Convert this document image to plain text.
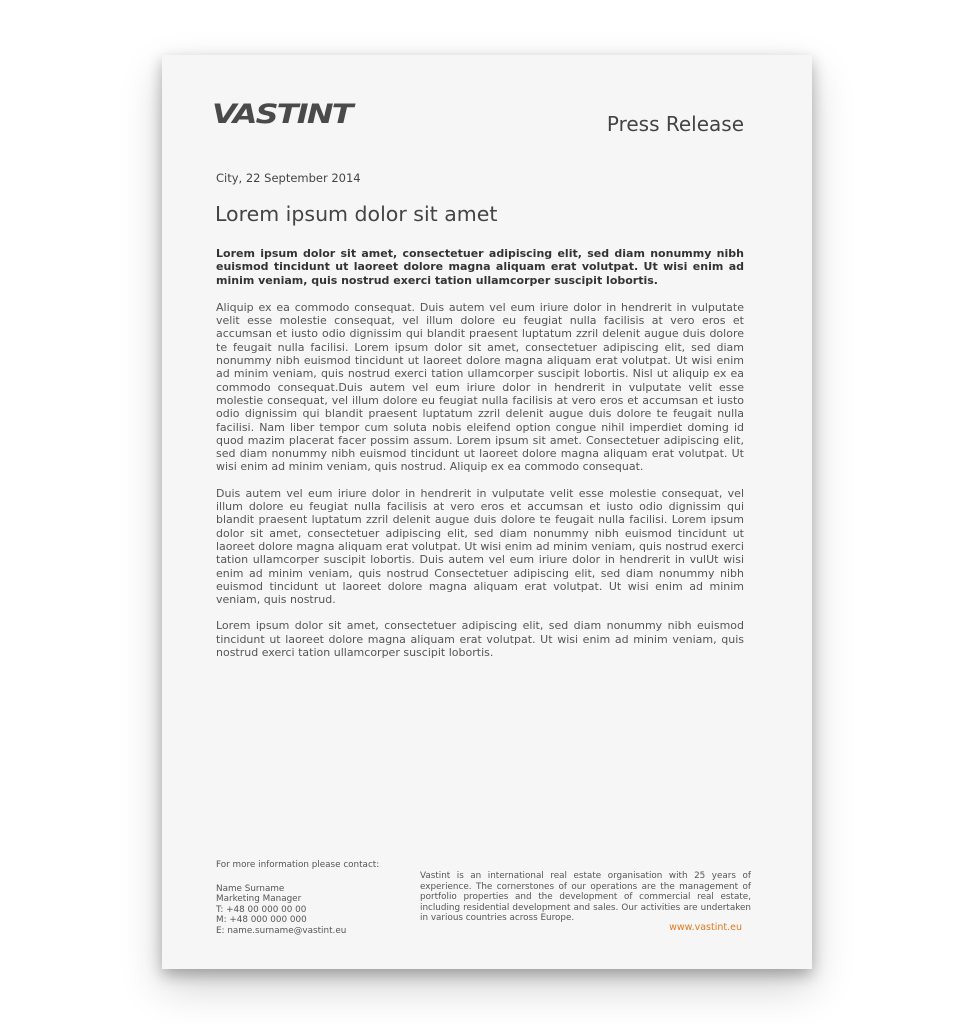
VASTINT	Press Release
City, 22 September 2014
Lorem ipsum dolor sit amet

Lorem ipsum dolor sit amet, consectetuer adipiscing elit, sed diam nonummy nibh euismod tincidunt ut laoreet dolore magna aliquam erat volutpat. Ut wisi enim ad minim veniam, quis nostrud exerci tation ullamcorper suscipit lobortis.

Aliquip ex ea commodo consequat. Duis autem vel eum iriure dolor in hendrerit in vulputate velit esse molestie consequat, vel illum dolore eu feugiat nulla facilisis at vero eros et accumsan et iusto odio dignissim qui blandit praesent luptatum zzril delenit augue duis dolore te feugait nulla facilisi. Lorem ipsum dolor sit amet, consectetuer adipiscing elit, sed diam nonummy nibh euismod tincidunt ut laoreet dolore magna aliquam erat volutpat. Ut wisi enim ad minim veniam, quis nostrud exerci tation ullamcorper suscipit lobortis. Nisl ut aliquip ex ea commodo consequat.Duis autem vel eum iriure dolor in hendrerit in vulputate velit esse molestie consequat, vel illum dolore eu feugiat nulla facilisis at vero eros et accumsan et iusto odio dignissim qui blandit praesent luptatum zzril delenit augue duis dolore te feugait nulla facilisi. Nam liber tempor cum soluta nobis eleifend option congue nihil imperdiet doming id quod mazim placerat facer possim assum. Lorem ipsum sit amet. Consectetuer adipiscing elit, sed diam nonummy nibh euismod tincidunt ut laoreet dolore magna aliquam erat volutpat. Ut wisi enim ad minim veniam, quis nostrud. Aliquip ex ea commodo consequat.

Duis autem vel eum iriure dolor in hendrerit in vulputate velit esse molestie consequat, vel illum dolore eu feugiat nulla facilisis at vero eros et accumsan et iusto odio dignissim qui blandit praesent luptatum zzril delenit augue duis dolore te feugait nulla facilisi. Lorem ipsum dolor sit amet, consectetuer adipiscing elit, sed diam nonummy nibh euismod tincidunt ut laoreet dolore magna aliquam erat volutpat. Ut wisi enim ad minim veniam, quis nostrud exerci tation ullamcorper suscipit lobortis. Duis autem vel eum iriure dolor in hendrerit in vulUt wisi enim ad minim veniam, quis nostrud Consectetuer adipiscing elit, sed diam nonummy nibh euismod tincidunt ut laoreet dolore magna aliquam erat volutpat. Ut wisi enim ad minim veniam, quis nostrud.

Lorem ipsum dolor sit amet, consectetuer adipiscing elit, sed diam nonummy nibh euismod tincidunt ut laoreet dolore magna aliquam erat volutpat. Ut wisi enim ad minim veniam, quis nostrud exerci tation ullamcorper suscipit lobortis.

For more information please contact:
Name Surname
Marketing Manager
T: +48 00 000 00 00
M: +48 000 000 000
E: name.surname@vastint.eu
Vastint is an international real estate organisation with 25 years of experience. The cornerstones of our operations are the management of portfolio properties and the development of commercial real estate, including residential development and sales. Our activities are undertaken in various countries across Europe.
www.vastint.eu
